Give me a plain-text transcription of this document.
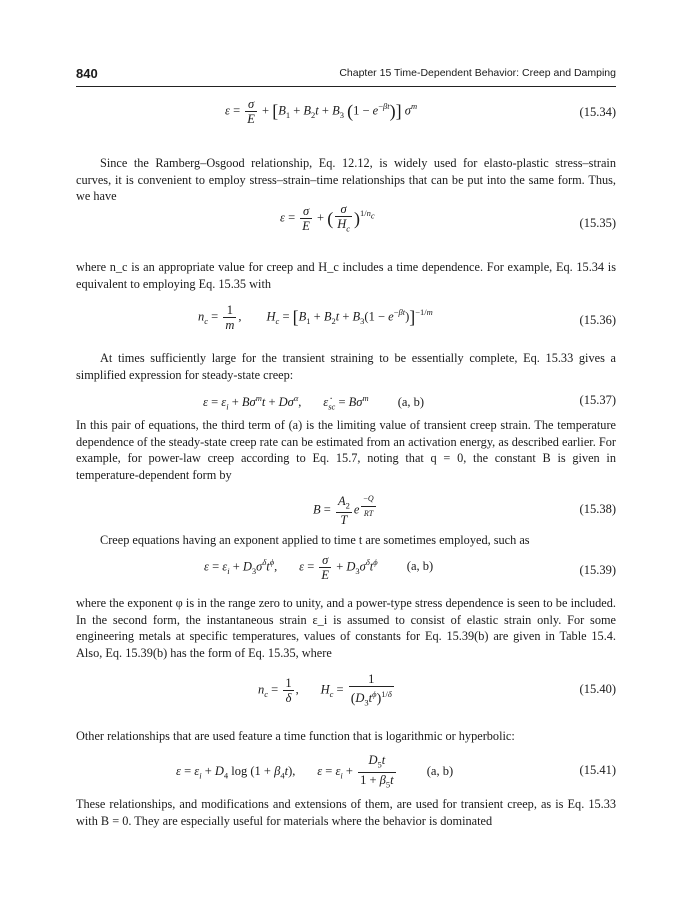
840	Chapter 15 Time-Dependent Behavior: Creep and Damping
$\varepsilon = \frac{\sigma}{E} + [B_1 + B_2t + B_3$ $(1 - e^{-\beta t})$] $\sigma^m$	(15.34)

Since the Ramberg–Osgood relationship, Eq. 12.12, is widely used for elasto-plastic stress–strain curves, it is convenient to employ stress–strain–time relationships that can be put into the same form. Thus, we have

$\varepsilon = \frac{\sigma}{E}$ + ( $\frac{\sigma}{H_c} )^{1/n_c}$	(15.35)

where n_c is an appropriate value for creep and H_c includes a time dependence. For example, Eq. 15.34 is equivalent to employing Eq. 15.35 with

$n_c = \frac{1}{m}$ ,        $H_c = [B_1 + B_2t + B_3(1 - e^{-\beta t})]^{-1/m}$
(15.36)

At times sufficiently large for the transient straining to be essentially complete, Eq. 15.33 gives a simplified expression for steady-state creep:

$\varepsilon = \varepsilon_i + B\sigma^mt + D\sigma^\alpha$,       $\varepsiloṅ_{sc} = B\sigma^m$ (a, b)	(15.37)

In this pair of equations, the third term of (a) is the limiting value of transient creep strain. The temperature dependence of the steady-state creep rate can be estimated from an activation energy, as described earlier. For example, for power-law creep according to Eq. 15.7, noting that q = 0, the constant B is given in temperature-dependent form by

$B = \frac{A_2}{T}$ e $^{\frac{-Q}{RT}}$	(15.38)

Creep equations having an exponent applied to time t are sometimes employed, such as

$\varepsilon = \varepsilon_i + D_3\sigma^\delta t^\phi$,       $\varepsilon = \frac{\sigma}{E} + D_3\sigma^\delta t^\phi$ (a, b)	(15.39)

where the exponent φ is in the range zero to unity, and a power-type stress dependence is seen to be included. In the second form, the instantaneous strain ε_i is assumed to consist of elastic strain only. For some engineering metals at specific temperatures, values of constants for Eq. 15.39(b) are given in Table 15.4. Also, Eq. 15.39(b) has the form of Eq. 15.35, where

$n_c = \frac{1}{\delta}$ ,       $H_c = \frac{1}{(D_3t^\phi)^{1/\delta}}$	(15.40)

Other relationships that are used feature a time function that is logarithmic or hyperbolic:

$\varepsilon = \varepsilon_i + D_4$ $\log (1 + \beta_4t)$,       $\varepsilon = \varepsilon_i + \frac{D_5t}{1 + \beta_5t} (a$, b)	(15.41)

These relationships, and modifications and extensions of them, are used for transient creep, as is Eq. 15.33 with B = 0. They are especially useful for materials where the behavior is dominated
